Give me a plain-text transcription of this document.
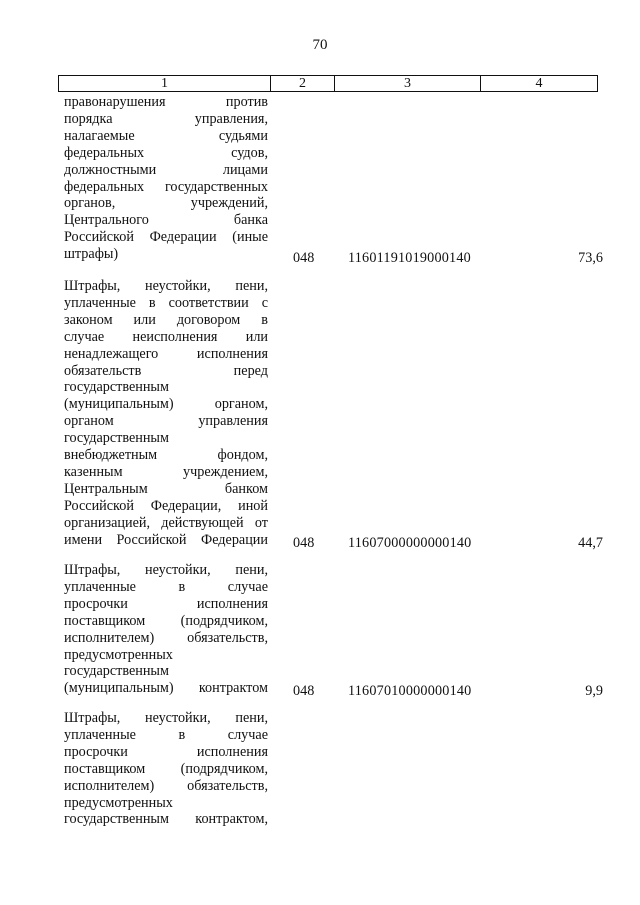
70
1	2	3	4
правонарушения против
порядка управления,
налагаемые судьями
федеральных судов,
должностными лицами
федеральных государственных
органов, учреждений,
Центрального банка
Российской Федерации (иные
штрафы)	048	11601191019000140	73,6
Штрафы, неустойки, пени,
уплаченные в соответствии с
законом или договором в
случае неисполнения или
ненадлежащего исполнения
обязательств перед
государственным
(муниципальным) органом,
органом управления
государственным
внебюджетным фондом,
казенным учреждением,
Центральным банком
Российской Федерации, иной
организацией, действующей от
имени Российской Федерации 048	11607000000000140	44,7
Штрафы, неустойки, пени,
уплаченные в случае
просрочки исполнения
поставщиком (подрядчиком,
исполнителем) обязательств,
предусмотренных
государственным
(муниципальным) контрактом 048	11607010000000140	9,9
Штрафы, неустойки, пени,
уплаченные в случае
просрочки исполнения
поставщиком (подрядчиком,
исполнителем) обязательств,
предусмотренных
государственным контрактом,
